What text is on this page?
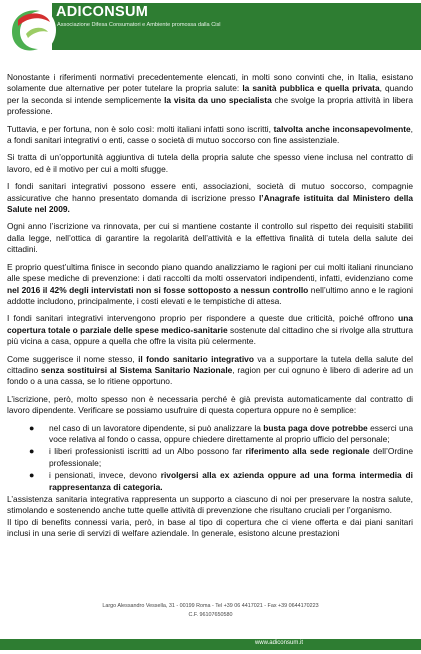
ADICONSUM
Associazione Difesa Consumatori e Ambiente promossa dalla Cisl

Nonostante i riferimenti normativi precedentemente elencati, in molti sono convinti che, in Italia, esistano solamente due alternative per poter tutelare la propria salute: la sanità pubblica e quella privata, quando per la seconda si intende semplicemente la visita da uno specialista che svolge la propria attività in libera professione.

Tuttavia, e per fortuna, non è solo così: molti italiani infatti sono iscritti, talvolta anche inconsapevolmente, a fondi sanitari integrativi o enti, casse o società di mutuo soccorso con fine assistenziale.

Si tratta di un’opportunità aggiuntiva di tutela della propria salute che spesso viene inclusa nel contratto di lavoro, ed è il motivo per cui a molti sfugge.

I fondi sanitari integrativi possono essere enti, associazioni, società di mutuo soccorso, compagnie assicurative che hanno presentato domanda di iscrizione presso l’Anagrafe istituita dal Ministero della Salute nel 2009.

Ogni anno l’iscrizione va rinnovata, per cui si mantiene costante il controllo sul rispetto dei requisiti stabiliti dalla legge, nell’ottica di garantire la regolarità dell’attività e la effettiva finalità di tutela della salute dei cittadini.

E proprio quest’ultima finisce in secondo piano quando analizziamo le ragioni per cui molti italiani rinunciano alle spese mediche di prevenzione: i dati raccolti da molti osservatori indipendenti, infatti, evidenziano come nel 2016 il 42% degli intervistati non si fosse sottoposto a nessun controllo nell’ultimo anno e le ragioni addotte includono, principalmente, i costi elevati e le tempistiche di attesa.

I fondi sanitari integrativi intervengono proprio per rispondere a queste due criticità, poiché offrono una copertura totale o parziale delle spese medico-sanitarie sostenute dal cittadino che si rivolge alla struttura più vicina a casa, oppure a quella che offre la visita più celermente.

Come suggerisce il nome stesso, il fondo sanitario integrativo va a supportare la tutela della salute del cittadino senza sostituirsi al Sistema Sanitario Nazionale, ragion per cui ognuno è libero di aderire ad un fondo o a una cassa, se lo ritiene opportuno.

L’iscrizione, però, molto spesso non è necessaria perché è già prevista automaticamente dal contratto di lavoro dipendente. Verificare se possiamo usufruire di questa copertura oppure no è semplice:

● nel caso di un lavoratore dipendente, si può analizzare la busta paga dove potrebbe esserci una voce relativa al fondo o cassa, oppure chiedere direttamente al proprio ufficio del personale;
● i liberi professionisti iscritti ad un Albo possono far riferimento alla sede regionale dell’Ordine professionale;
● i pensionati, invece, devono rivolgersi alla ex azienda oppure ad una forma intermedia di rappresentanza di categoria.

L’assistenza sanitaria integrativa rappresenta un supporto a ciascuno di noi per preservare la nostra salute, stimolando e sostenendo anche tutte quelle attività di prevenzione che risultano cruciali per l’organismo.

Il tipo di benefits connessi varia, però, in base al tipo di copertura che ci viene offerta e dai piani sanitari inclusi in una serie di servizi di welfare aziendale. In generale, esistono alcune prestazioni

Largo Alessandro Vessella, 31 - 00199 Roma - Tel +39 06 4417021 - Fax +39 0644170223
C.F. 96107650580
www.adiconsum.it
